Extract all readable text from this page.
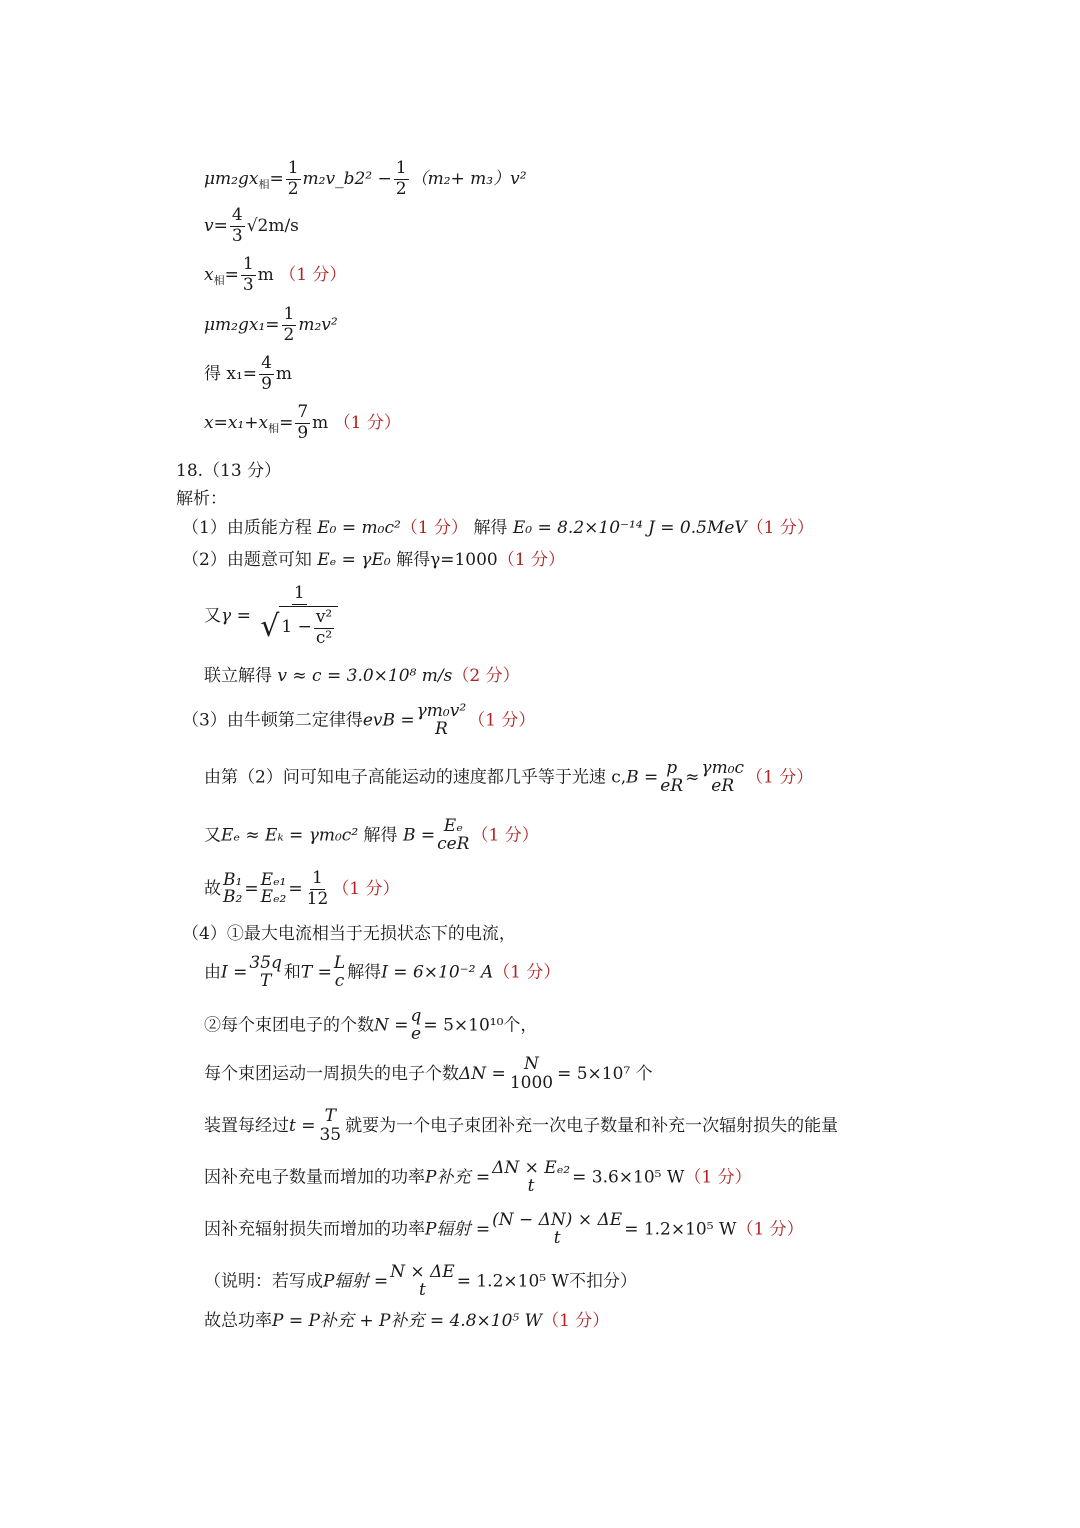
$\mu m_2gx_相= \frac{1}{2}$ m₂v_b2² − $\frac{1}{2} (m_2+ m_3)v^2$
$v= \frac{4}{3} √2m/s$
$x_相= \frac{1}{3}$ m （1 分）
$\mu m_2gx_1= \frac{1}{2} m_2v^2$
得 $x_1= \frac{4}{9}$ m
$x=x_1+x_相= \frac{7}{9}$ m （1 分）
18.（13 分）
解析：
（1）由质能方程 E₀ = m₀c²（1 分） 解得 E₀ = 8.2×10⁻¹⁴ J = 0.5MeV（1 分）
（2）由题意可知 Eₑ = γE₀ 解得γ=1000（1 分）
又$\gamma = \frac{1}{√ 1 - \frac{\text{v²}}{\text{c²}}}$
联立解得 v ≈ c = 3.0×10⁸ m/s（2 分）
（3）由牛顿第二定律得evB = γm₀v²
R （1 分）
由第（2）问可知电子高能运动的速度都几乎等于光速 c,B = p
eR ≈ γm₀c
eR （1 分）
又Eₑ ≈ Eₖ = γm₀c² 解得 B = Eₑ
ceR （1 分）
故 B₁
B₂ = Eₑ₁
$E_{e2} = \frac{1}{12} (1$ 分）
（4）①最大电流相当于无损状态下的电流，
由I = 35q
T 和T = L
c 解得I = 6×10⁻² A（1 分）
②每个束团电子的个数N = q
e = 5×10¹⁰个，
每个束团运动一周损失的电子个数ΔN = N
1000 = 5×10⁷ 个
装置每经过t = T
35 就要为一个电子束团补充一次电子数量和补充一次辐射损失的能量
因补充电子数量而增加的功率P补充 = ΔN × Eₑ₂
t = 3.6×10⁵ W（1 分）
因补充辐射损失而增加的功率P辐射 = (N − ΔN) × ΔE
t	= 1.2×10⁵ W（1 分）
（说明：若写成P辐射 = N × ΔE
t = 1.2×10⁵ W不扣分）
故总功率P = P补充 + P补充 = 4.8×10⁵ W（1 分）
